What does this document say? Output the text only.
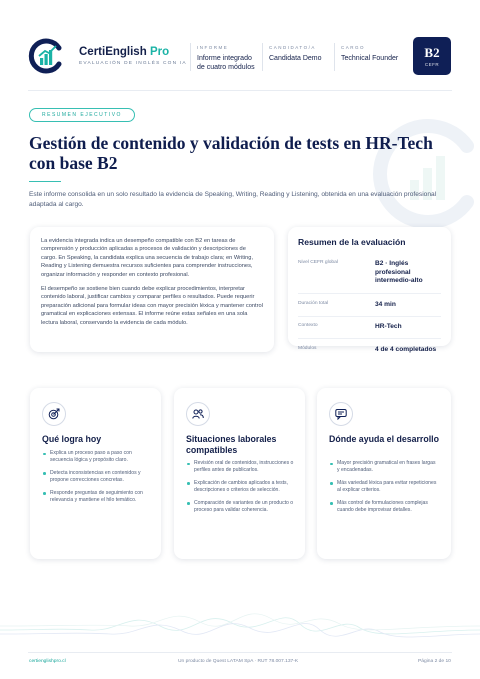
CertiEnglish Pro
EVALUACIÓN DE INGLÉS CON IA
INFORME
Informe integrado de cuatro módulos
CANDIDATO/A
Candidata Demo
CARGO
Technical Founder	B2
CEFR
RESUMEN EJECUTIVO
Gestión de contenido y validación de tests en HR-Tech con base B2

Este informe consolida en un solo resultado la evidencia de Speaking, Writing, Reading y Listening, obtenida en una evaluación profesional adaptada al cargo.

La evidencia integrada indica un desempeño compatible con B2 en tareas de comprensión y producción aplicadas a procesos de validación y descripciones de cargo. En Speaking, la candidata explica una secuencia de trabajo clara; en Writing, Reading y Listening demuestra recursos suficientes para comprender instrucciones, organizar información y responder en contexto profesional.

El desempeño se sostiene bien cuando debe explicar procedimientos, interpretar contenido laboral, justificar cambios y comparar perfiles o resultados. Puede requerir preparación adicional para formular ideas con mayor precisión léxica y mantener control gramatical en explicaciones extensas. El informe reúne estas señales en una sola lectura laboral, conservando la evidencia de cada módulo.

Resumen de la evaluación
Nivel CEFR global	B2 · Inglés profesional intermedio-alto
Duración total	34 min
Contexto	HR-Tech
Módulos	4 de 4 completados
Qué logra hoy
Explica un proceso paso a paso con secuencia lógica y propósito claro.
Detecta inconsistencias en contenidos y propone correcciones concretas.
Responde preguntas de seguimiento con relevancia y mantiene el hilo temático.
Situaciones laborales compatibles
Revisión oral de contenidos, instrucciones o perfiles antes de publicarlos.
Explicación de cambios aplicados a tests, descripciones o criterios de selección.
Comparación de variantes de un producto o proceso para validar coherencia.
Dónde ayuda el desarrollo
Mayor precisión gramatical en frases largas y encadenadas.
Más variedad léxica para evitar repeticiones al explicar criterios.
Más control de formulaciones complejas cuando debe improvisar detalles.
certienglishpro.cl	Un producto de Quest LATAM SpA · RUT 78.007.137-K	Página 2 de 10
